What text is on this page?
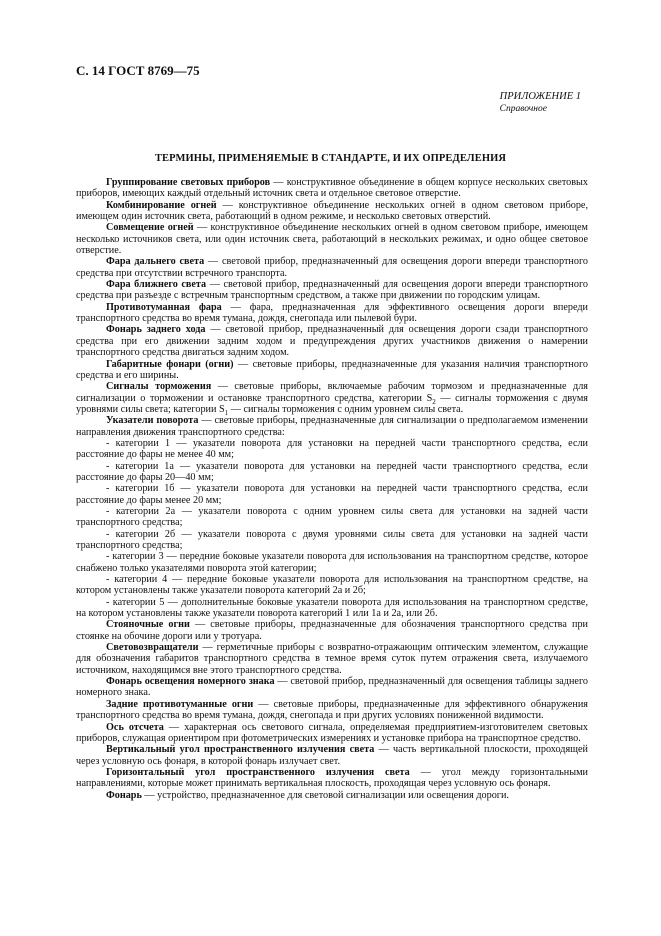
С. 14 ГОСТ 8769—75
ПРИЛОЖЕНИЕ 1
Справочное
ТЕРМИНЫ, ПРИМЕНЯЕМЫЕ В СТАНДАРТЕ, И ИХ ОПРЕДЕЛЕНИЯ

Группирование световых приборов — конструктивное объединение в общем корпусе нескольких световых приборов, имеющих каждый отдельный источник света и отдельное световое отверстие.

Комбинирование огней — конструктивное объединение нескольких огней в одном световом приборе, имеющем один источник света, работающий в одном режиме, и несколько световых отверстий.

Совмещение огней — конструктивное объединение нескольких огней в одном световом приборе, имеющем несколько источников света, или один источник света, работающий в нескольких режимах, и одно общее световое отверстие.

Фара дальнего света — световой прибор, предназначенный для освещения дороги впереди транспортного средства при отсутствии встречного транспорта.

Фара ближнего света — световой прибор, предназначенный для освещения дороги впереди транспортного средства при разъезде с встречным транспортным средством, а также при движении по городским улицам.

Противотуманная фара — фара, предназначенная для эффективного освещения дороги впереди транспортного средства во время тумана, дождя, снегопада или пылевой бури.

Фонарь заднего хода — световой прибор, предназначенный для освещения дороги сзади транспортного средства при его движении задним ходом и предупреждения других участников движения о намерении транспортного средства двигаться задним ходом.

Габаритные фонари (огни) — световые приборы, предназначенные для указания наличия транспортного средства и его ширины.

Сигналы торможения — световые приборы, включаемые рабочим тормозом и предназначенные для сигнализации о торможении и остановке транспортного средства, категории $S_2$ — сигналы торможения с двумя уровнями силы света; категории $S_1$ — сигналы торможения с одним уровнем силы света.

Указатели поворота — световые приборы, предназначенные для сигнализации о предполагаемом изменении направления движения транспортного средства:

- категории 1 — указатели поворота для установки на передней части транспортного средства, если расстояние до фары не менее 40 мм;

- категории 1а — указатели поворота для установки на передней части транспортного средства, если расстояние до фары 20—40 мм;

- категории 1б — указатели поворота для установки на передней части транспортного средства, если расстояние до фары менее 20 мм;

- категории 2а — указатели поворота с одним уровнем силы света для установки на задней части транспортного средства;

- категории 2б — указатели поворота с двумя уровнями силы света для установки на задней части транспортного средства;

- категории 3 — передние боковые указатели поворота для использования на транспортном средстве, которое снабжено только указателями поворота этой категории;

- категории 4 — передние боковые указатели поворота для использования на транспортном средстве, на котором установлены также указатели поворота категорий 2а и 2б;

- категории 5 — дополнительные боковые указатели поворота для использования на транспортном средстве, на котором установлены также указатели поворота категорий 1 или 1а и 2а, или 2б.

Стояночные огни — световые приборы, предназначенные для обозначения транспортного средства при стоянке на обочине дороги или у тротуара.

Световозвращатели — герметичные приборы с возвратно-отражающим оптическим элементом, служащие для обозначения габаритов транспортного средства в темное время суток путем отражения света, излучаемого источником, находящимся вне этого транспортного средства.

Фонарь освещения номерного знака — световой прибор, предназначенный для освещения таблицы заднего номерного знака.

Задние противотуманные огни — световые приборы, предназначенные для эффективного обнаружения транспортного средства во время тумана, дождя, снегопада и при других условиях пониженной видимости.

Ось отсчета — характерная ось светового сигнала, определяемая предприятием-изготовителем световых приборов, служащая ориентиром при фотометрических измерениях и установке прибора на транспортное средство.

Вертикальный угол пространственного излучения света — часть вертикальной плоскости, проходящей через условную ось фонаря, в которой фонарь излучает свет.

Горизонтальный угол пространственного излучения света — угол между горизонтальными направлениями, которые может принимать вертикальная плоскость, проходящая через условную ось фонаря.

Фонарь — устройство, предназначенное для световой сигнализации или освещения дороги.
